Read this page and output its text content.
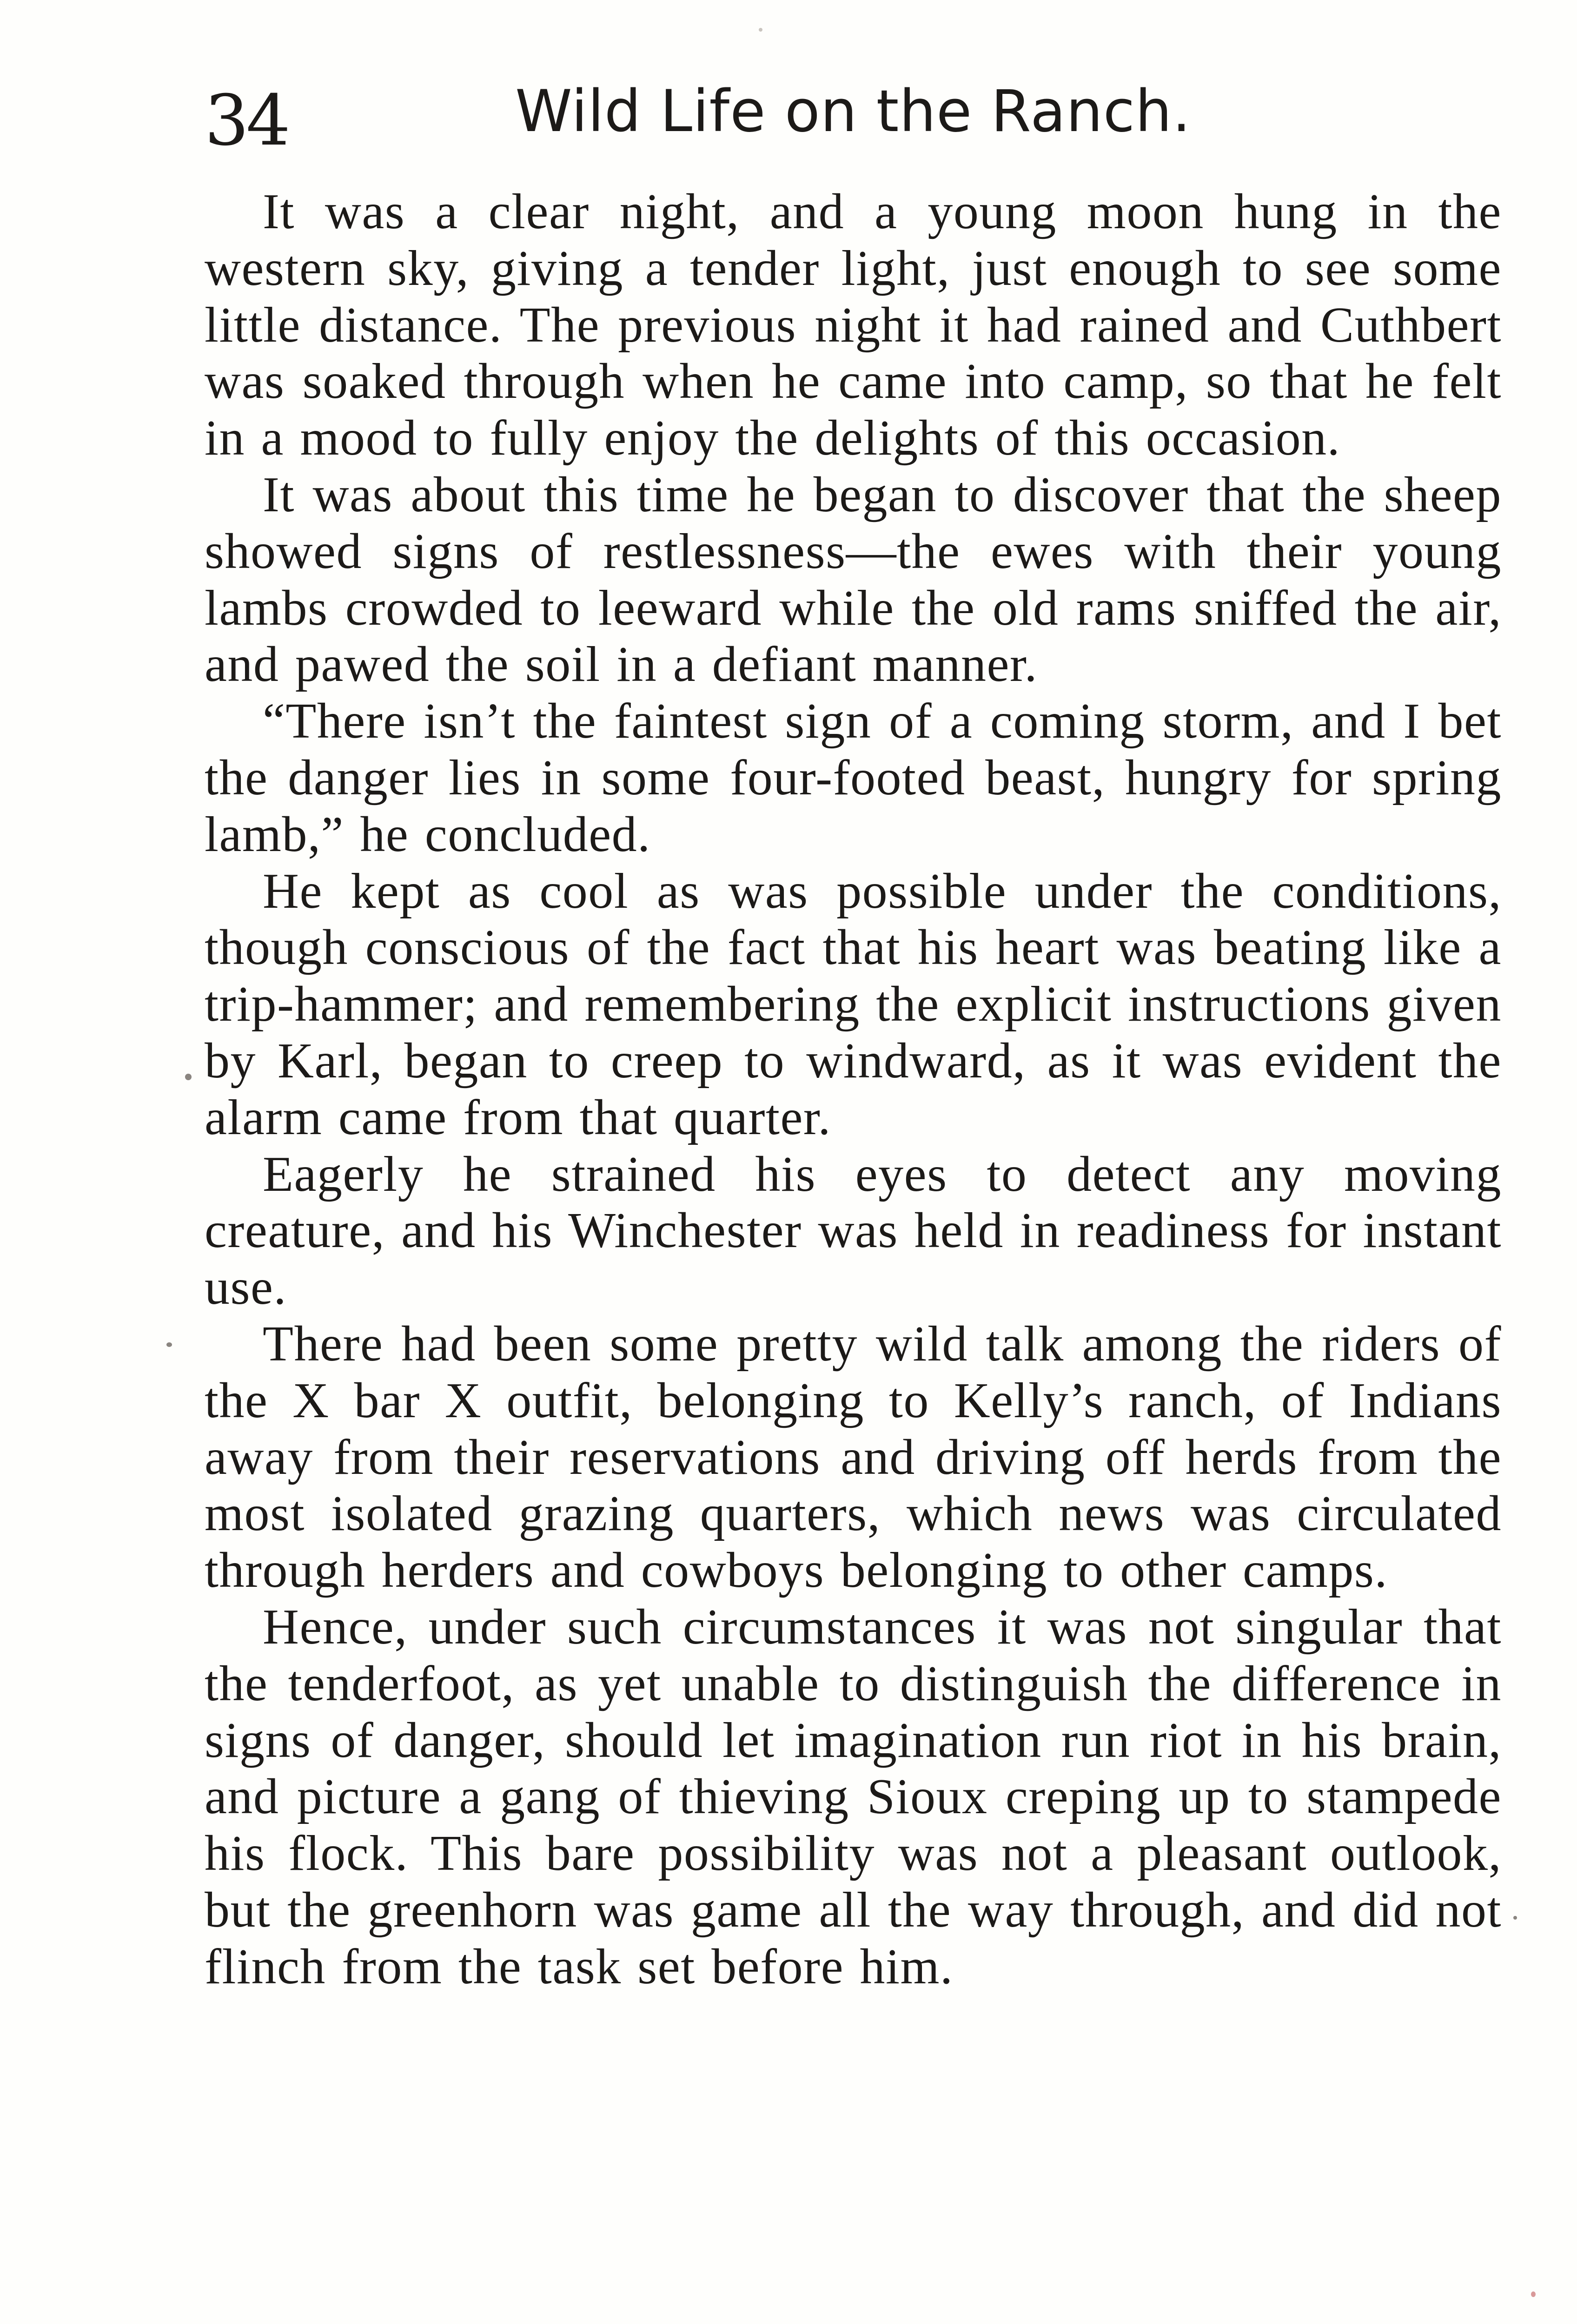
34	Wild Life on the Ranch.

It was a clear night, and a young moon hung in the western sky, giving a tender light, just enough to see some little distance. The previous night it had rained and Cuthbert was soaked through when he came into camp, so that he felt in a mood to fully enjoy the delights of this occasion.

It was about this time he began to discover that the sheep showed signs of restlessness—the ewes with their young lambs crowded to leeward while the old rams sniffed the air, and pawed the soil in a defiant manner.

“There isn’t the faintest sign of a coming storm, and I bet the danger lies in some four-footed beast, hungry for spring lamb,” he concluded.

He kept as cool as was possible under the conditions, though conscious of the fact that his heart was beating like a trip-hammer; and remembering the explicit instructions given by Karl, began to creep to windward, as it was evident the alarm came from that quarter.

Eagerly he strained his eyes to detect any moving creature, and his Winchester was held in readiness for instant use.

There had been some pretty wild talk among the riders of the X bar X outfit, belonging to Kelly’s ranch, of Indians away from their reservations and driving off herds from the most isolated grazing quarters, which news was circulated through herders and cowboys belonging to other camps.

Hence, under such circumstances it was not singular that the tenderfoot, as yet unable to distinguish the difference in signs of danger, should let imagination run riot in his brain, and picture a gang of thieving Sioux creping up to stampede his flock. This bare possibility was not a pleasant outlook, but the greenhorn was game all the way through, and did not flinch from the task set before him.
